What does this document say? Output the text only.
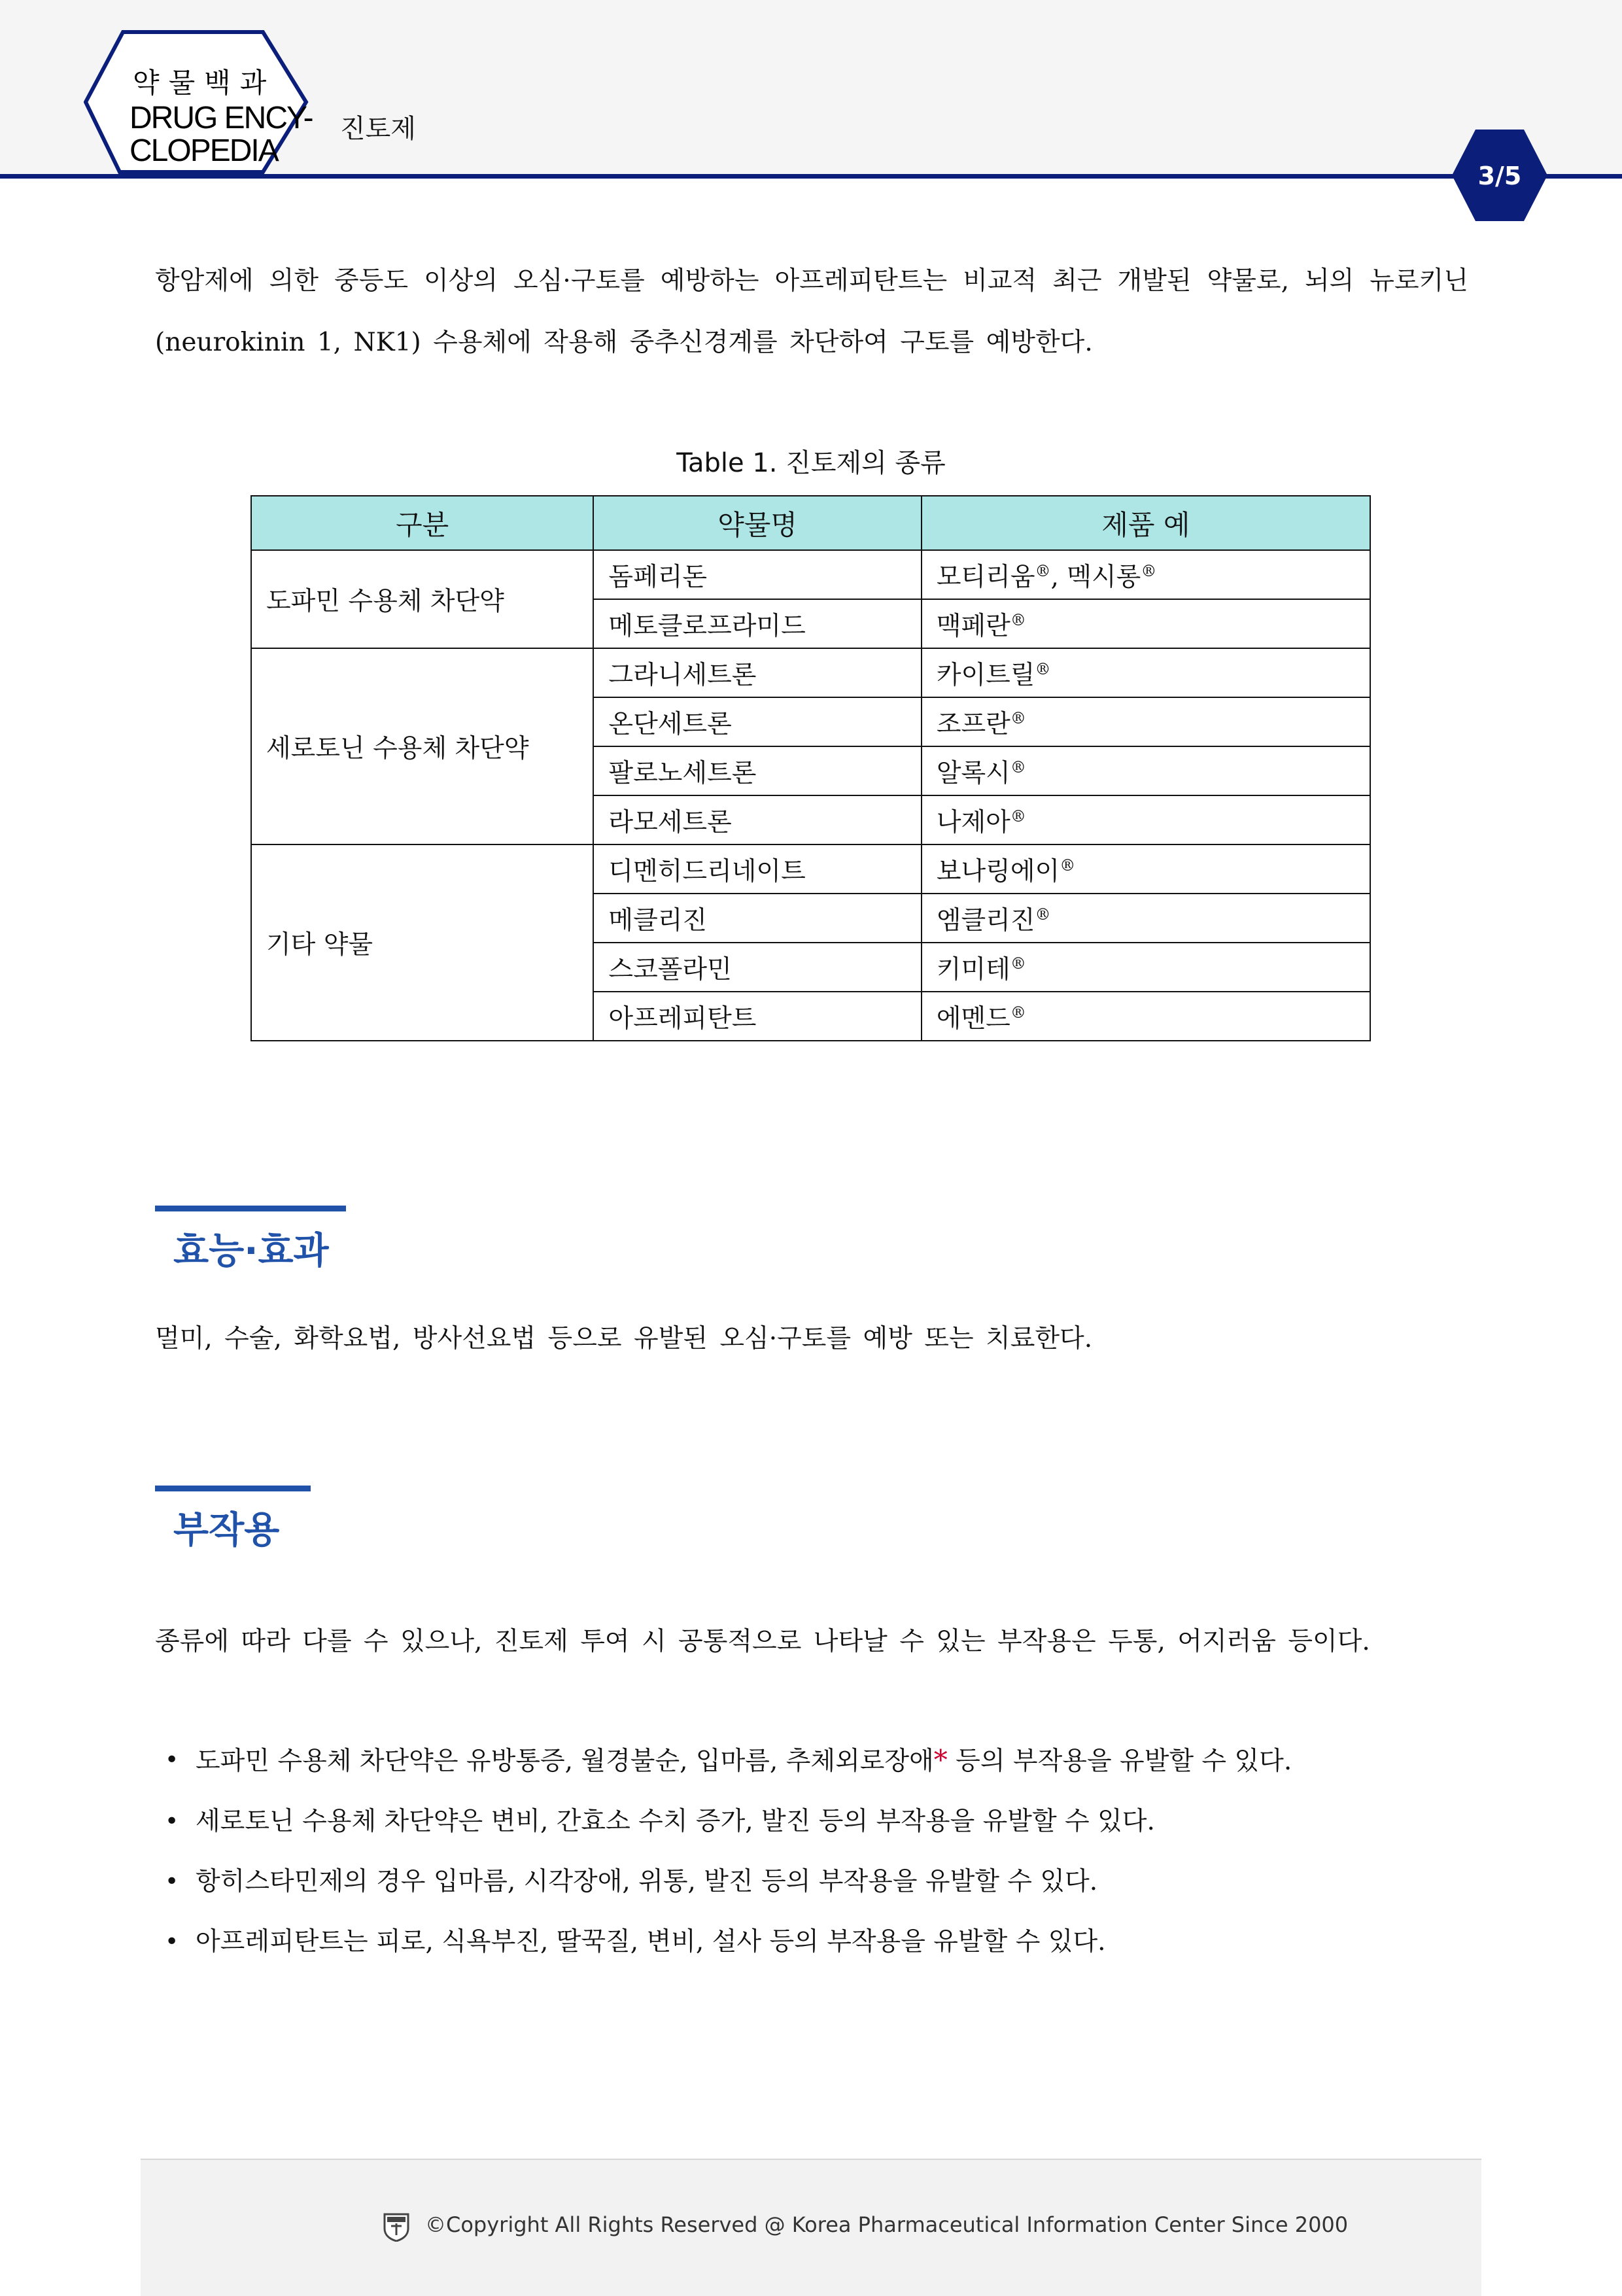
약물백과
DRUG ENCY-
CLOPEDIA
진토제
3/5
항암제에 의한 중등도 이상의 오심·구토를 예방하는 아프레피탄트는 비교적 최근 개발된 약물로, 뇌의 뉴로키닌(neurokinin 1, NK1) 수용체에 작용해 중추신경계를 차단하여 구토를 예방한다.
Table 1. 진토제의 종류
구분	약물명	제품 예
도파민 수용체 차단약	돔페리돈	모티리움®, 멕시롱®
	메토클로프라미드	맥페란®
세로토닌 수용체 차단약	그라니세트론	카이트릴®
	온단세트론	조프란®
	팔로노세트론	알록시®
	라모세트론	나제아®
기타 약물	디멘히드리네이트	보나링에이®
	메클리진	엠클리진®
	스코폴라민	키미테®
	아프레피탄트	에멘드®
효능·효과
멀미, 수술, 화학요법, 방사선요법 등으로 유발된 오심·구토를 예방 또는 치료한다.
부작용
종류에 따라 다를 수 있으나, 진토제 투여 시 공통적으로 나타날 수 있는 부작용은 두통, 어지러움 등이다.
• 도파민 수용체 차단약은 유방통증, 월경불순, 입마름, 추체외로장애* 등의 부작용을 유발할 수 있다.
• 세로토닌 수용체 차단약은 변비, 간효소 수치 증가, 발진 등의 부작용을 유발할 수 있다.
• 항히스타민제의 경우 입마름, 시각장애, 위통, 발진 등의 부작용을 유발할 수 있다.
• 아프레피탄트는 피로, 식욕부진, 딸꾹질, 변비, 설사 등의 부작용을 유발할 수 있다.
©Copyright All Rights Reserved @ Korea Pharmaceutical Information Center Since 2000
